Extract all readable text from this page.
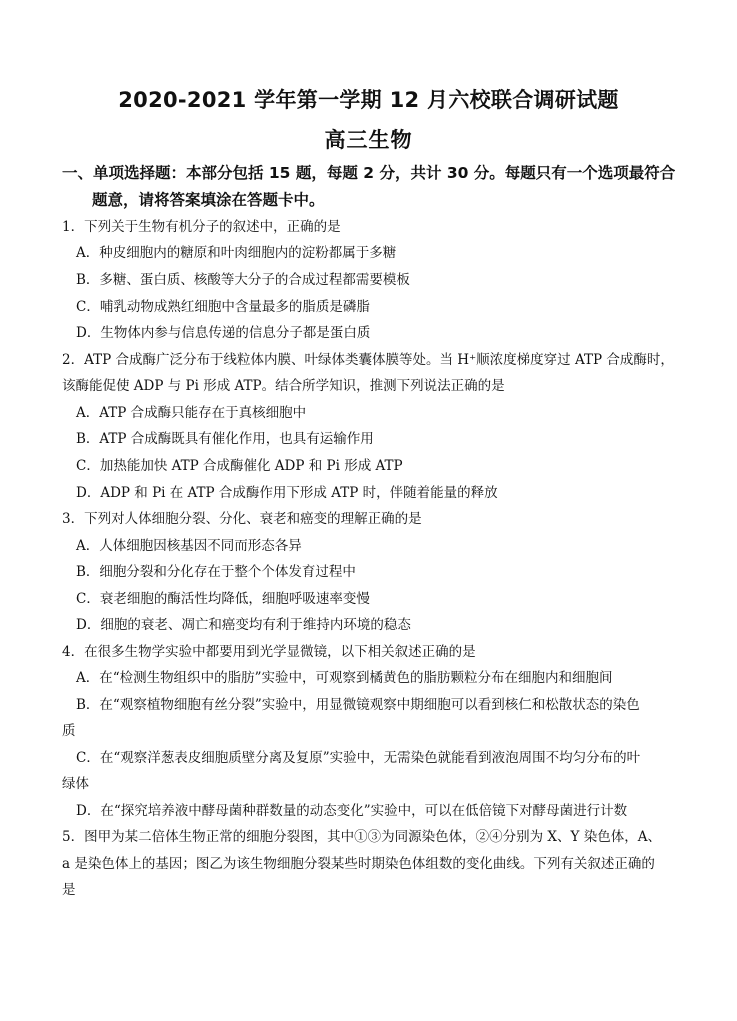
2020-2021 学年第一学期 12 月六校联合调研试题
高三生物
一、单项选择题：本部分包括 15 题，每题 2 分，共计 30 分。每题只有一个选项最符合
题意，请将答案填涂在答题卡中。
1．下列关于生物有机分子的叙述中，正确的是
A．种皮细胞内的糖原和叶肉细胞内的淀粉都属于多糖
B．多糖、蛋白质、核酸等大分子的合成过程都需要模板
C．哺乳动物成熟红细胞中含量最多的脂质是磷脂
D．生物体内参与信息传递的信息分子都是蛋白质
2．ATP 合成酶广泛分布于线粒体内膜、叶绿体类囊体膜等处。当 H⁺顺浓度梯度穿过 ATP 合成酶时，
该酶能促使 ADP 与 Pi 形成 ATP。结合所学知识，推测下列说法正确的是
A．ATP 合成酶只能存在于真核细胞中
B．ATP 合成酶既具有催化作用，也具有运输作用
C．加热能加快 ATP 合成酶催化 ADP 和 Pi 形成 ATP
D．ADP 和 Pi 在 ATP 合成酶作用下形成 ATP 时，伴随着能量的释放
3．下列对人体细胞分裂、分化、衰老和癌变的理解正确的是
A．人体细胞因核基因不同而形态各异
B．细胞分裂和分化存在于整个个体发育过程中
C．衰老细胞的酶活性均降低，细胞呼吸速率变慢
D．细胞的衰老、凋亡和癌变均有利于维持内环境的稳态
4．在很多生物学实验中都要用到光学显微镜，以下相关叙述正确的是
A．在“检测生物组织中的脂肪”实验中，可观察到橘黄色的脂肪颗粒分布在细胞内和细胞间
B．在“观察植物细胞有丝分裂”实验中，用显微镜观察中期细胞可以看到核仁和松散状态的染色
质
C．在“观察洋葱表皮细胞质壁分离及复原”实验中，无需染色就能看到液泡周围不均匀分布的叶
绿体
D．在“探究培养液中酵母菌种群数量的动态变化”实验中，可以在低倍镜下对酵母菌进行计数
5．图甲为某二倍体生物正常的细胞分裂图，其中①③为同源染色体，②④分别为 X、Y 染色体，A、
a 是染色体上的基因；图乙为该生物细胞分裂某些时期染色体组数的变化曲线。下列有关叙述正确的
是
